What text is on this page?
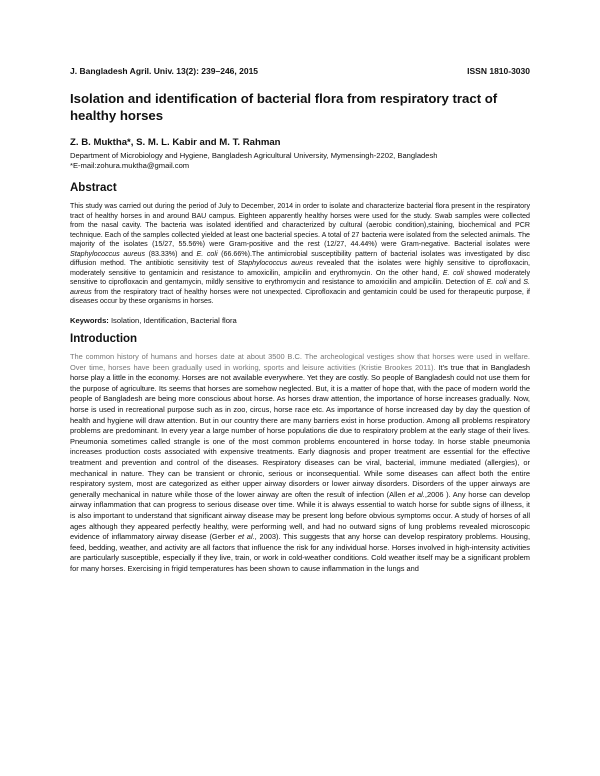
J. Bangladesh Agril. Univ. 13(2): 239–246, 2015	ISSN 1810-3030
Isolation and identification of bacterial flora from respiratory tract of healthy horses
Z. B. Muktha*, S. M. L. Kabir and M. T. Rahman
Department of Microbiology and Hygiene, Bangladesh Agricultural University, Mymensingh-2202, Bangladesh
*E-mail:zohura.muktha@gmail.com
Abstract
This study was carried out during the period of July to December, 2014 in order to isolate and characterize bacterial flora present in the respiratory tract of healthy horses in and around BAU campus. Eighteen apparently healthy horses were used for the study. Swab samples were collected from the nasal cavity. The bacteria was isolated identified and characterized by cultural (aerobic condition),staining, biochemical and PCR technique. Each of the samples collected yielded at least one bacterial species. A total of 27 bacteria were isolated from the selected animals. The majority of the isolates (15/27, 55.56%) were Gram-positive and the rest (12/27, 44.44%) were Gram-negative. Bacterial isolates were Staphylococcus aureus (83.33%) and E. coli (66.66%).The antimicrobial susceptibility pattern of bacterial isolates was investigated by disc diffusion method. The antibiotic sensitivity test of Staphylococcus aureus revealed that the isolates were highly sensitive to ciprofloxacin, moderately sensitive to gentamicin and resistance to amoxicilin, ampicilin and erythromycin. On the other hand, E. coli showed moderately sensitive to ciprofloxacin and gentamycin, mildly sensitive to erythromycin and resistance to amoxicilin and ampicilin. Detection of E. coli and S. aureus from the respiratory tract of healthy horses were not unexpected. Ciprofloxacin and gentamicin could be used for therapeutic purpose, if diseases occur by these organisms in horses.
Keywords: Isolation, Identification, Bacterial flora
Introduction
The common history of humans and horses date at about 3500 B.C. The archeological vestiges show that horses were used in welfare. Over time, horses have been gradually used in working, sports and leisure activities (Kristie Brookes 2011). It’s true that in Bangladesh horse play a little in the economy. Horses are not available everywhere. Yet they are costly. So people of Bangladesh could not use them for the purpose of agriculture. Its seems that horses are somehow neglected. But, it is a matter of hope that, with the pace of modern world the people of Bangladesh are being more conscious about horse. As horses draw attention, the importance of horse increases gradually. Now, horse is used in recreational purpose such as in zoo, circus, horse race etc. As importance of horse increased day by day the question of health and hygiene will draw attention. But in our country there are many barriers exist in horse production. Among all problems respiratory problems are predominant. In every year a large number of horse populations die due to respiratory problem at the early stage of their lives. Pneumonia sometimes called strangle is one of the most common problems encountered in horse today. In horse stable pneumonia increases production costs associated with expensive treatments. Early diagnosis and proper treatment are essential for the effective treatment and prevention and control of the diseases. Respiratory diseases can be viral, bacterial, immune mediated (allergies), or mechanical in nature. They can be transient or chronic, serious or inconsequential. While some diseases can affect both the entire respiratory system, most are categorized as either upper airway disorders or lower airway disorders. Disorders of the upper airways are generally mechanical in nature while those of the lower airway are often the result of infection (Allen et al.,2006 ). Any horse can develop airway inflammation that can progress to serious disease over time. While it is always essential to watch horse for subtle signs of illness, it is also important to understand that significant airway disease may be present long before obvious symptoms occur. A study of horses of all ages although they appeared perfectly healthy, were performing well, and had no outward signs of lung problems revealed microscopic evidence of inflammatory airway disease (Gerber et al., 2003). This suggests that any horse can develop respiratory problems. Housing, feed, bedding, weather, and activity are all factors that influence the risk for any individual horse. Horses involved in high-intensity activities are particularly susceptible, especially if they live, train, or work in cold-weather conditions. Cold weather itself may be a significant problem for many horses. Exercising in frigid temperatures has been shown to cause inflammation in the lungs and
